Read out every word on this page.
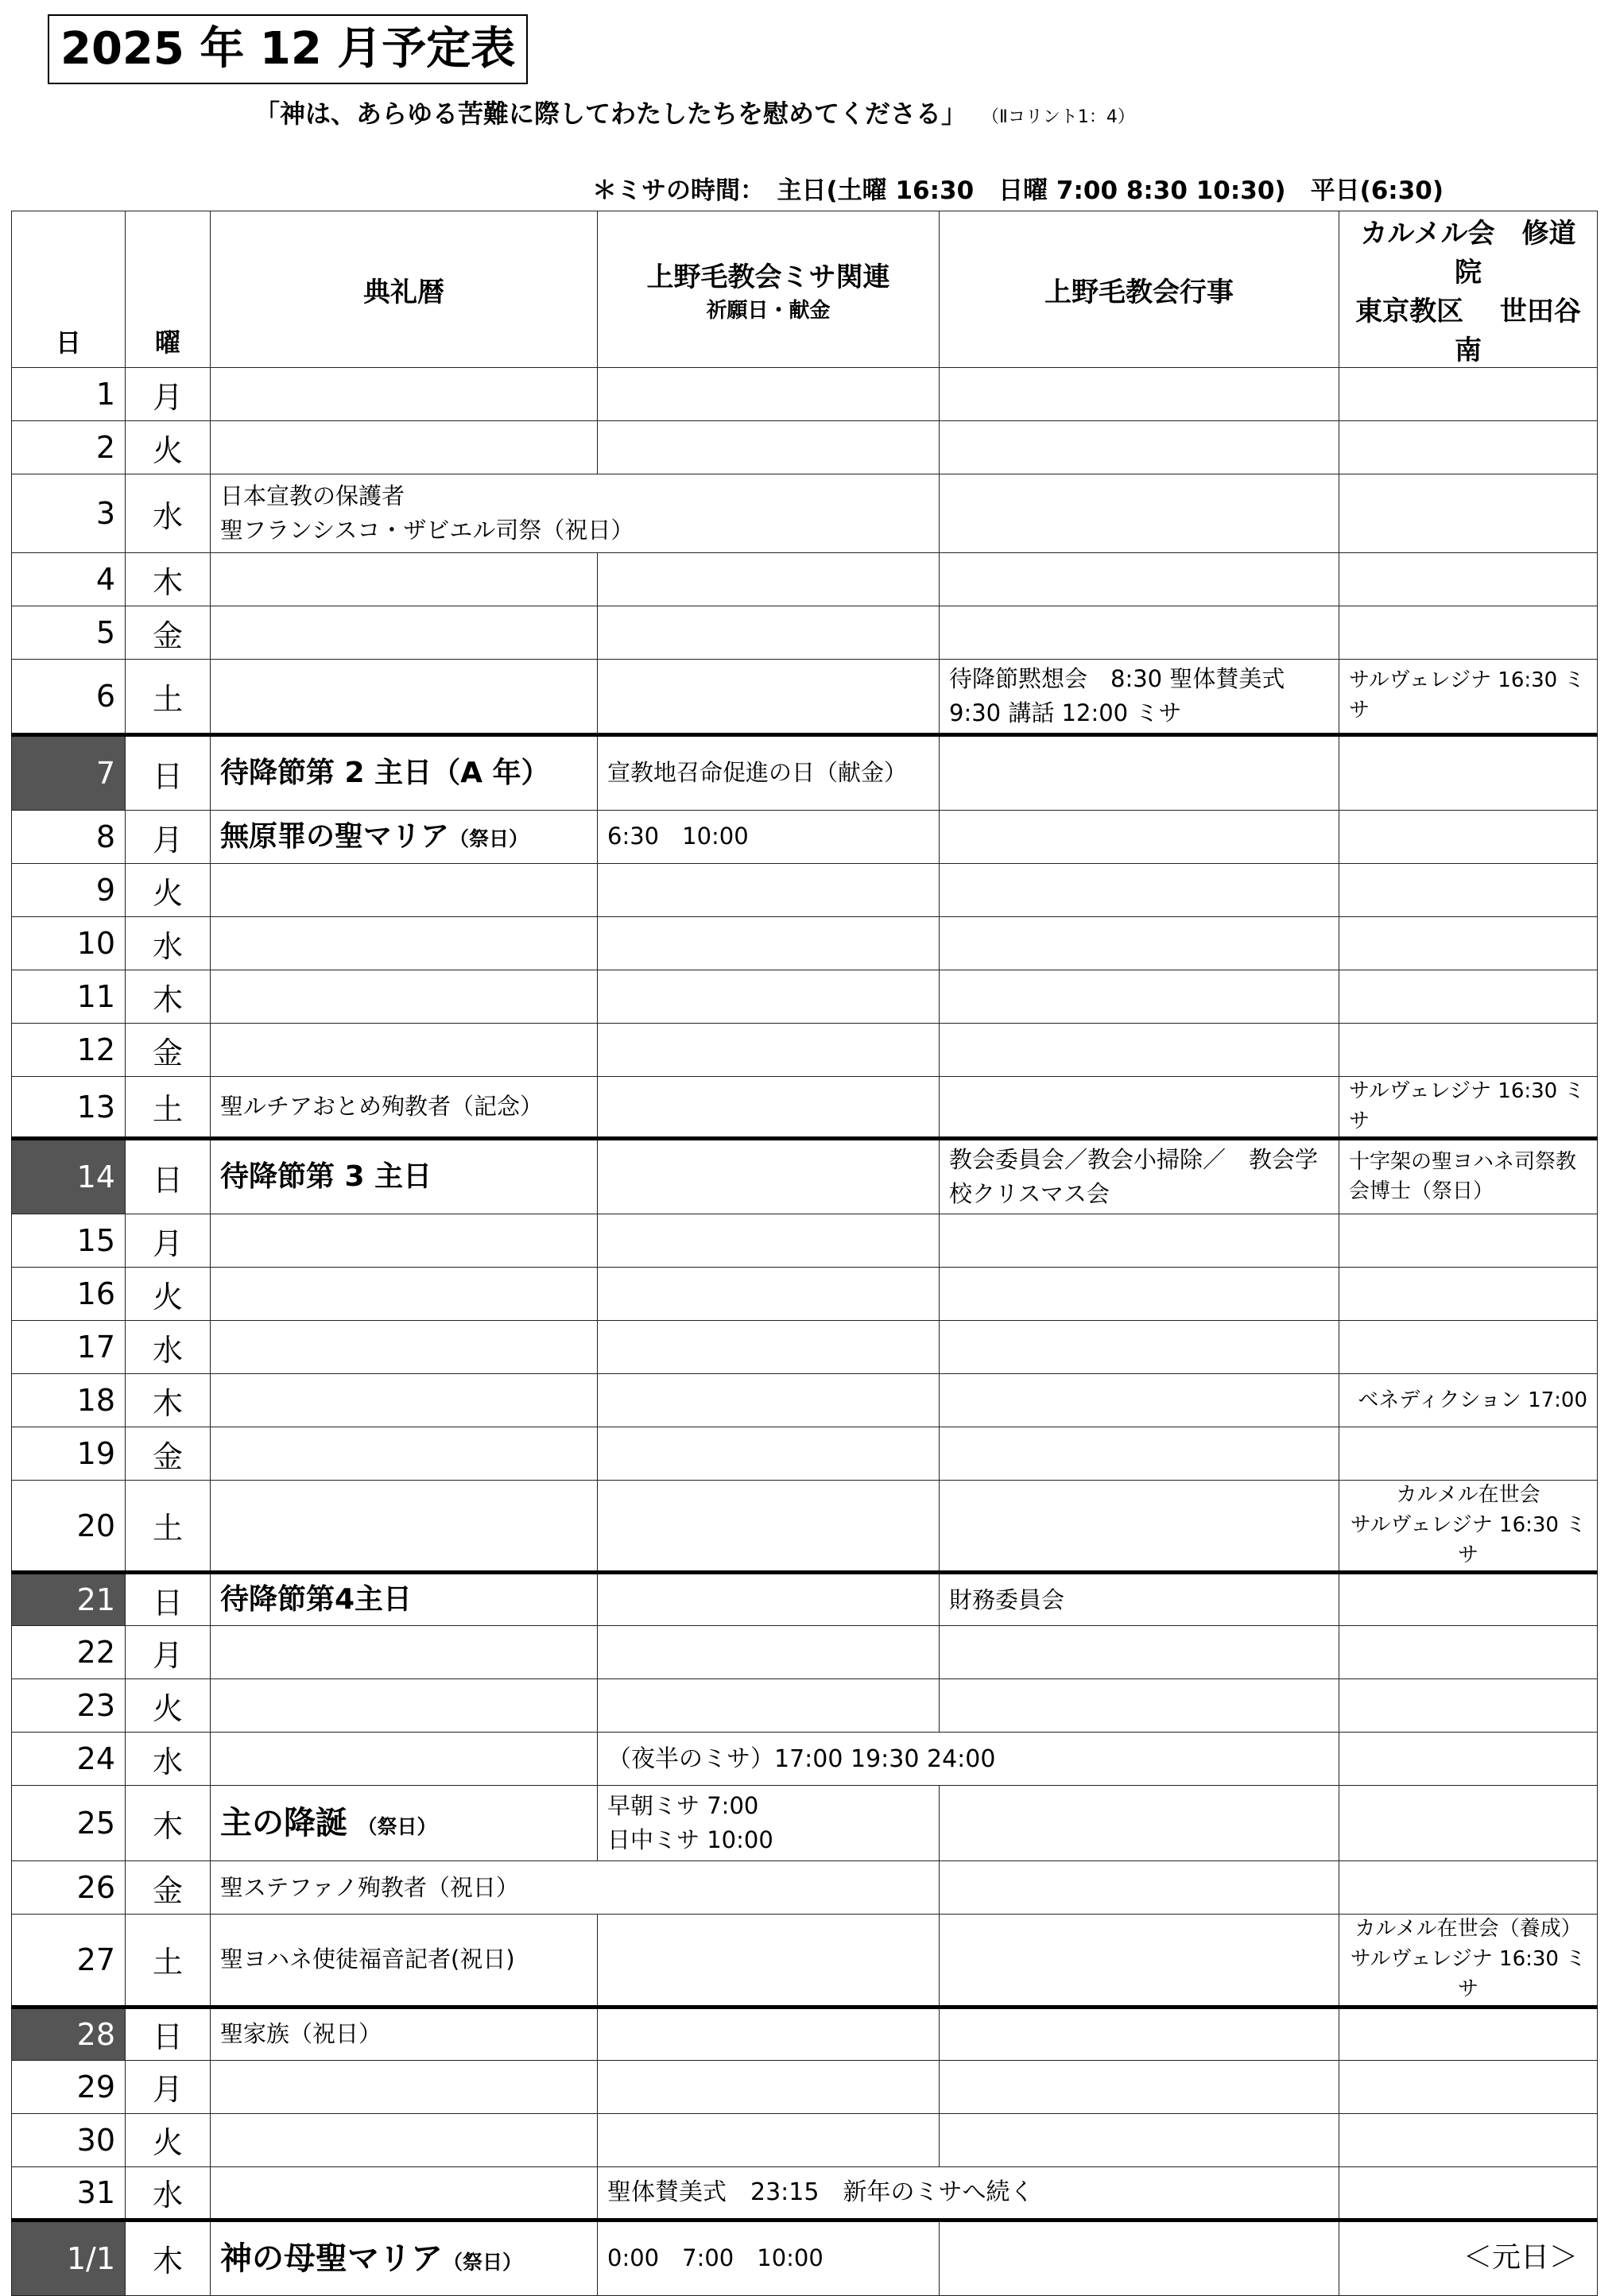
2025 年 12 月予定表
「神は、あらゆる苦難に際してわたしたちを慰めてくださる」 （Ⅱコリント1：4）
＊ミサの時間：　主日(土曜 16:30　日曜 7:00 8:30 10:30)　平日(6:30)
日	曜	典礼暦	上野毛教会ミサ関連
祈願日・献金	上野毛教会行事	カルメル会　修道院
東京教区　 世田谷南

1	月	

2	火	

3	水	日本宣教の保護者
聖フランシスコ・ザビエル司祭（祝日）			

4	木	

5	金	

6	土			待降節黙想会　8:30 聖体賛美式 9:30 講話 12:00 ミサ	サルヴェレジナ 16:30 ミサ

7	日	待降節第 2 主日（A 年）	宣教地召命促進の日（献金）		

8	月	無原罪の聖マリア（祭日）	6:30　10:00		

9	火	

10	水	

11	木	

12	金	

13	土	聖ルチアおとめ殉教者（記念）			サルヴェレジナ 16:30 ミサ

14	日	待降節第 3 主日		教会委員会／教会小掃除／　教会学校クリスマス会	十字架の聖ヨハネ司祭教会博士（祭日）

15	月	

16	火	

17	水	

18	木				ベネディクション 17:00

19	金	

20	土				カルメル在世会
サルヴェレジナ 16:30 ミサ

21	日	待降節第4主日		財務委員会	

22	月	

23	火	

24	水		（夜半のミサ）17:00 19:30 24:00		

25	木	主の降誕　（祭日）	早朝ミサ 7:00
日中ミサ 10:00		

26	金	聖ステファノ殉教者（祝日）			

27	土	聖ヨハネ使徒福音記者(祝日)			カルメル在世会（養成）
サルヴェレジナ 16:30 ミサ

28	日	聖家族（祝日）			

29	月	

30	火	

31	水		聖体賛美式　23:15　新年のミサへ続く		

1/1	木	神の母聖マリア（祭日）	0:00　7:00　10:00		＜元日＞
